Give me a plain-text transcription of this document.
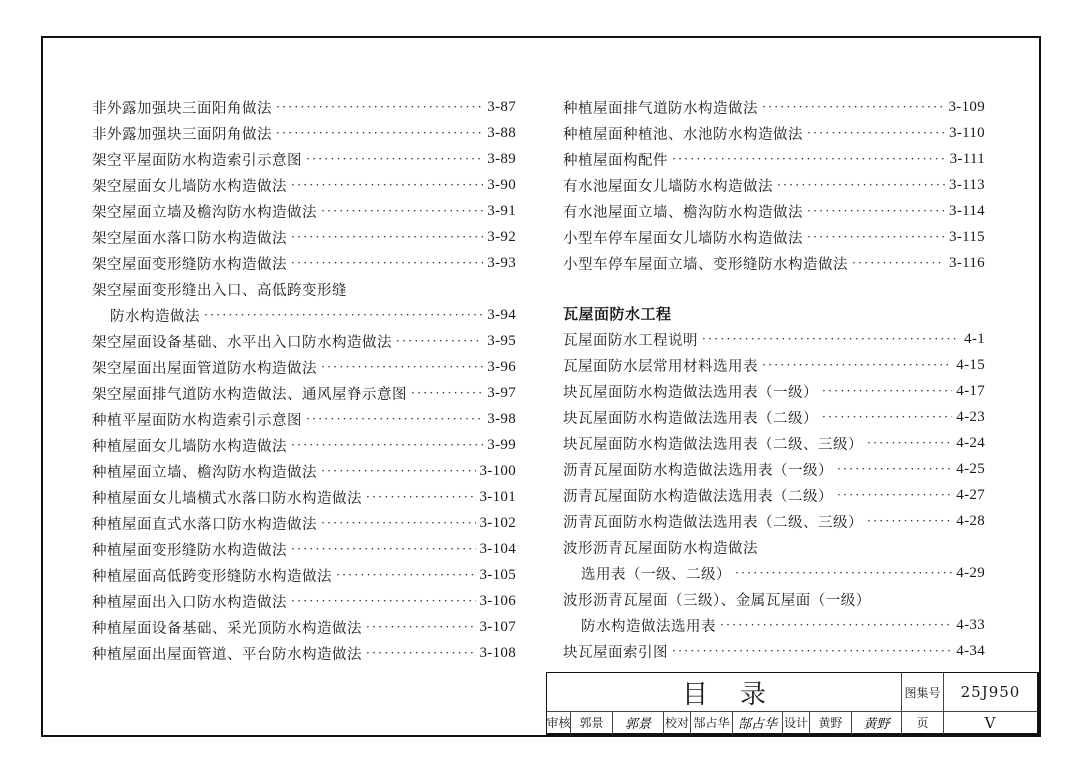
非外露加强块三面阳角做法 ·····	3-87
非外露加强块三面阴角做法 ·····	3-88
架空平屋面防水构造索引示意图 ·····	3-89
架空屋面女儿墙防水构造做法 ·····	3-90
架空屋面立墙及檐沟防水构造做法 ·····	3-91
架空屋面水落口防水构造做法 ·····	3-92
架空屋面变形缝防水构造做法 ·····	3-93
架空屋面变形缝出入口、高低跨变形缝
防水构造做法 ·····	3-94
架空屋面设备基础、水平出入口防水构造做法 ·····	3-95
架空屋面出屋面管道防水构造做法 ·····	3-96
架空屋面排气道防水构造做法、通风屋脊示意图 ·····	3-97
种植平屋面防水构造索引示意图 ·····	3-98
种植屋面女儿墙防水构造做法 ·····	3-99
种植屋面立墙、檐沟防水构造做法 ·····	3-100
种植屋面女儿墙横式水落口防水构造做法 ·····	3-101
种植屋面直式水落口防水构造做法 ·····	3-102
种植屋面变形缝防水构造做法 ·····	3-104
种植屋面高低跨变形缝防水构造做法 ·····	3-105
种植屋面出入口防水构造做法 ·····	3-106
种植屋面设备基础、采光顶防水构造做法 ·····	3-107
种植屋面出屋面管道、平台防水构造做法 ·····	3-108
种植屋面排气道防水构造做法 ·····	3-109
种植屋面种植池、水池防水构造做法 ·····	3-110
种植屋面构配件 ·····	3-111
有水池屋面女儿墙防水构造做法 ·····	3-113
有水池屋面立墙、檐沟防水构造做法 ·····	3-114
小型车停车屋面女儿墙防水构造做法 ·····	3-115
小型车停车屋面立墙、变形缝防水构造做法 ·····	3-116
瓦屋面防水工程
瓦屋面防水工程说明 ·····	4-1
瓦屋面防水层常用材料选用表 ·····	4-15
块瓦屋面防水构造做法选用表（一级） ·····	4-17
块瓦屋面防水构造做法选用表（二级） ·····	4-23
块瓦屋面防水构造做法选用表（二级、三级） ·····	4-24
沥青瓦屋面防水构造做法选用表（一级） ·····	4-25
沥青瓦屋面防水构造做法选用表（二级） ·····	4-27
沥青瓦面防水构造做法选用表（二级、三级） ·····	4-28
波形沥青瓦屋面防水构造做法
选用表（一级、二级） ·····	4-29
波形沥青瓦屋面（三级）、金属瓦屋面（一级）
防水构造做法选用表 ·····	4-33
块瓦屋面索引图 ·····	4-34
目录	图集号	25J950
审核 郭景	郭景	校对 郜占华 郜占华 设计 黄野	黄野	页	V
